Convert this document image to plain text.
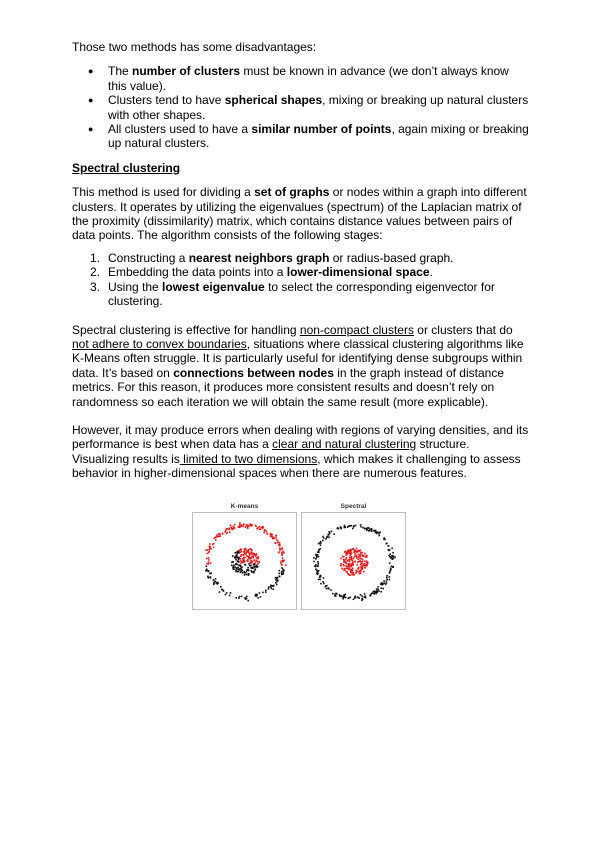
Those two methods has some disadvantages:

● The number of clusters must be known in advance (we don’t always know this value).
● Clusters tend to have spherical shapes, mixing or breaking up natural clusters with other shapes.
● All clusters used to have a similar number of points, again mixing or breaking up natural clusters.
Spectral clustering

This method is used for dividing a set of graphs or nodes within a graph into different clusters. It operates by utilizing the eigenvalues (spectrum) of the Laplacian matrix of the proximity (dissimilarity) matrix, which contains distance values between pairs of data points. The algorithm consists of the following stages:

1. Constructing a nearest neighbors graph or radius-based graph.
2. Embedding the data points into a lower-dimensional space.
3. Using the lowest eigenvalue to select the corresponding eigenvector for clustering.

Spectral clustering is effective for handling non-compact clusters or clusters that do not adhere to convex boundaries, situations where classical clustering algorithms like K-Means often struggle. It is particularly useful for identifying dense subgroups within data. It’s based on connections between nodes in the graph instead of distance metrics. For this reason, it produces more consistent results and doesn’t rely on randomness so each iteration we will obtain the same result (more explicable).

However, it may produce errors when dealing with regions of varying densities, and its performance is best when data has a clear and natural clustering structure. Visualizing results is limited to two dimensions, which makes it challenging to assess behavior in higher-dimensional spaces when there are numerous features.

K-means	Spectral
